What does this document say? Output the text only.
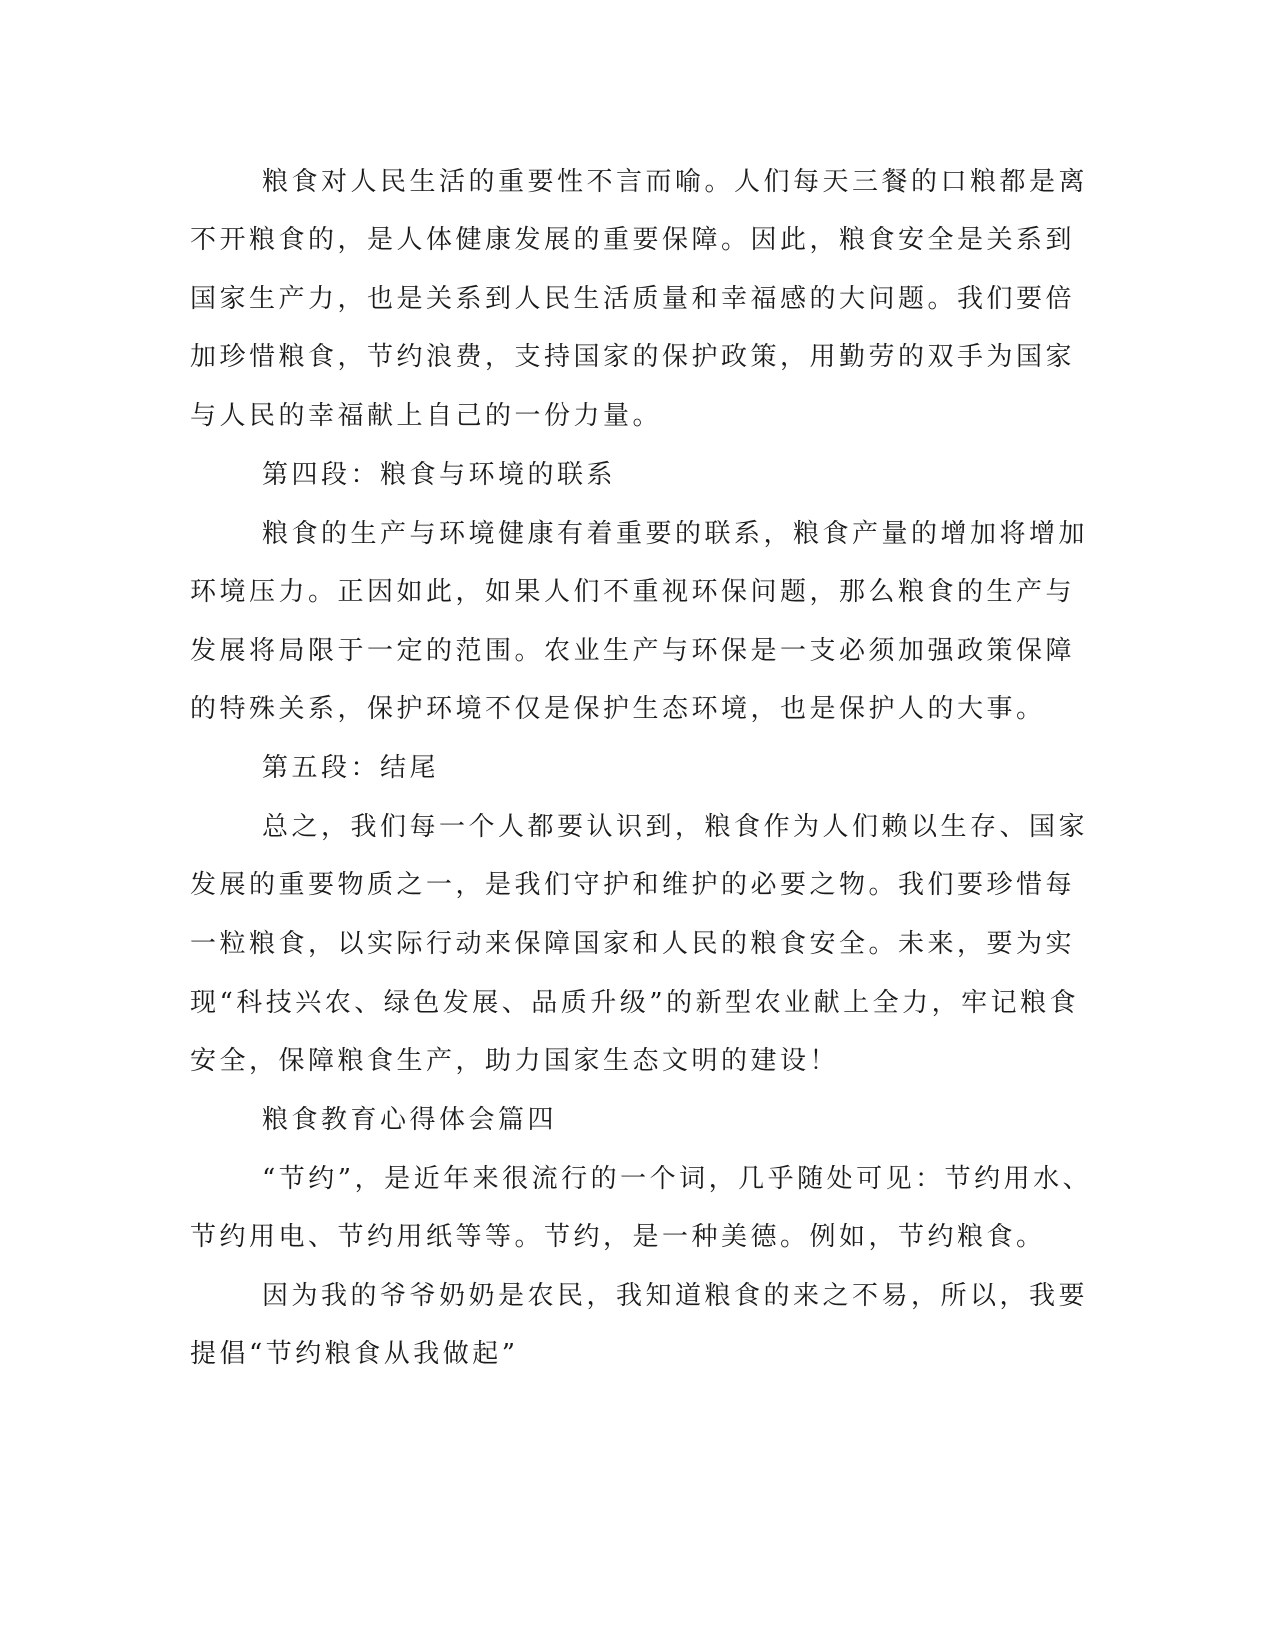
粮食对人民生活的重要性不言而喻。人们每天三餐的口粮都是离
不开粮食的，是人体健康发展的重要保障。因此，粮食安全是关系到
国家生产力，也是关系到人民生活质量和幸福感的大问题。我们要倍
加珍惜粮食，节约浪费，支持国家的保护政策，用勤劳的双手为国家
与人民的幸福献上自己的一份力量。
第四段：粮食与环境的联系
粮食的生产与环境健康有着重要的联系，粮食产量的增加将增加
环境压力。正因如此，如果人们不重视环保问题，那么粮食的生产与
发展将局限于一定的范围。农业生产与环保是一支必须加强政策保障
的特殊关系，保护环境不仅是保护生态环境，也是保护人的大事。
第五段：结尾
总之，我们每一个人都要认识到，粮食作为人们赖以生存、国家
发展的重要物质之一，是我们守护和维护的必要之物。我们要珍惜每
一粒粮食，以实际行动来保障国家和人民的粮食安全。未来，要为实
现“科技兴农、绿色发展、品质升级”的新型农业献上全力，牢记粮食
安全，保障粮食生产，助力国家生态文明的建设！
粮食教育心得体会篇四
“节约”，是近年来很流行的一个词，几乎随处可见：节约用水、
节约用电、节约用纸等等。节约，是一种美德。例如，节约粮食。
因为我的爷爷奶奶是农民，我知道粮食的来之不易，所以，我要
提倡“节约粮食从我做起”
